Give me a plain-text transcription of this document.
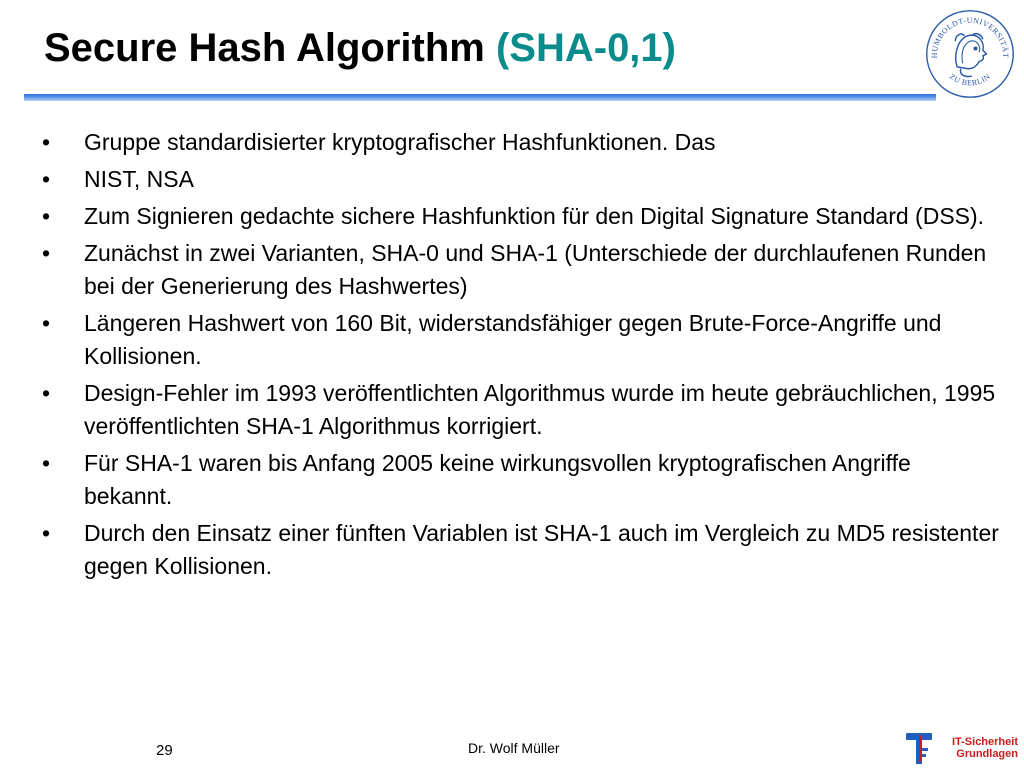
Secure Hash Algorithm (SHA-0,1)	HUMBOLDT-UNIVERSITÄT
ZU BERLIN
• Gruppe standardisierter kryptografischer Hashfunktionen. Das
• NIST, NSA
• Zum Signieren gedachte sichere Hashfunktion für den Digital Signature Standard (DSS).
• Zunächst in zwei Varianten, SHA-0 und SHA-1 (Unterschiede der durchlaufenen Runden bei der Generierung des Hashwertes)
• Längeren Hashwert von 160 Bit, widerstandsfähiger gegen Brute-Force-Angriffe und Kollisionen.
• Design-Fehler im 1993 veröffentlichten Algorithmus wurde im heute gebräuchlichen, 1995 veröffentlichten SHA-1 Algorithmus korrigiert.
• Für SHA-1 waren bis Anfang 2005 keine wirkungsvollen kryptografischen Angriffe bekannt.
• Durch den Einsatz einer fünften Variablen ist SHA-1 auch im Vergleich zu MD5 resistenter gegen Kollisionen.
29	Dr. Wolf Müller	IT-Sicherheit
Grundlagen
